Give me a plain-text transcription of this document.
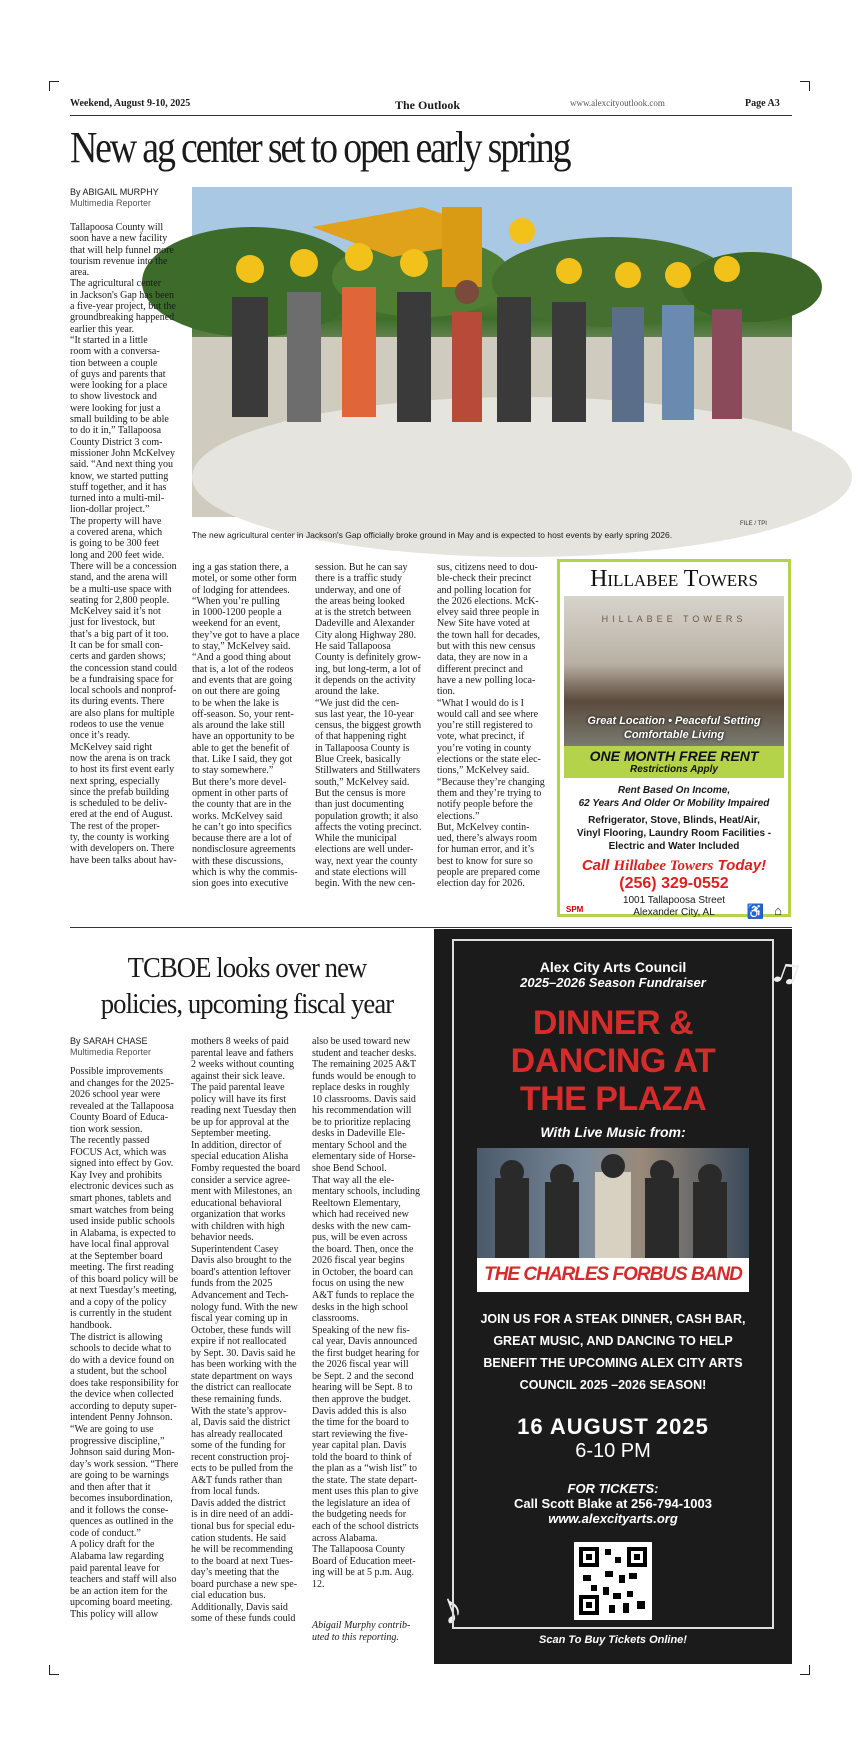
Weekend, August 9-10, 2025	The Outlook	www.alexcityoutlook.com	Page A3
New ag center set to open early spring
By ABIGAIL MURPHY
Multimedia Reporter
FILE / TPI
The new agricultural center in Jackson's Gap officially broke ground in May and is expected to host events by early spring 2026.
Tallapoosa County will
soon have a new facility
that will help funnel more
tourism revenue into the
area.
The agricultural center
in Jackson's Gap has been
a five-year project, but the
groundbreaking happened
earlier this year.
“It started in a little
room with a conversa-
tion between a couple
of guys and parents that
were looking for a place
to show livestock and
were looking for just a
small building to be able
to do it in,” Tallapoosa
County District 3 com-
missioner John McKelvey
said. “And next thing you
know, we started putting
stuff together, and it has
turned into a multi-mil-
lion-dollar project.”
The property will have
a covered arena, which
is going to be 300 feet
long and 200 feet wide.
There will be a concession
stand, and the arena will
be a multi-use space with
seating for 2,800 people.
McKelvey said it’s not
just for livestock, but
that’s a big part of it too.
It can be for small con-
certs and garden shows;
the concession stand could
be a fundraising space for
local schools and nonprof-
its during events. There
are also plans for multiple
rodeos to use the venue
once it’s ready.
McKelvey said right
now the arena is on track
to host its first event early
next spring, especially
since the prefab building
is scheduled to be deliv-
ered at the end of August.
The rest of the proper-
ty, the county is working
with developers on. There
have been talks about hav-
ing a gas station there, a
motel, or some other form
of lodging for attendees.
“When you’re pulling
in 1000-1200 people a
weekend for an event,
they’ve got to have a place
to stay,” McKelvey said.
“And a good thing about
that is, a lot of the rodeos
and events that are going
on out there are going
to be when the lake is
off-season. So, your rent-
als around the lake still
have an opportunity to be
able to get the benefit of
that. Like I said, they got
to stay somewhere.”
But there’s more devel-
opment in other parts of
the county that are in the
works. McKelvey said
he can’t go into specifics
because there are a lot of
nondisclosure agreements
with these discussions,
which is why the commis-
sion goes into executive
session. But he can say
there is a traffic study
underway, and one of
the areas being looked
at is the stretch between
Dadeville and Alexander
City along Highway 280.
He said Tallapoosa
County is definitely grow-
ing, but long-term, a lot of
it depends on the activity
around the lake.
“We just did the cen-
sus last year, the 10-year
census, the biggest growth
of that happening right
in Tallapoosa County is
Blue Creek, basically
Stillwaters and Stillwaters
south,” McKelvey said.
But the census is more
than just documenting
population growth; it also
affects the voting precinct.
While the municipal
elections are well under-
way, next year the county
and state elections will
begin. With the new cen-
sus, citizens need to dou-
ble-check their precinct
and polling location for
the 2026 elections. McK-
elvey said three people in
New Site have voted at
the town hall for decades,
but with this new census
data, they are now in a
different precinct and
have a new polling loca-
tion.
“What I would do is I
would call and see where
you’re still registered to
vote, what precinct, if
you’re voting in county
elections or the state elec-
tions,” McKelvey said.
“Because they’re changing
them and they’re trying to
notify people before the
elections.”
But, McKelvey contin-
ued, there’s always room
for human error, and it’s
best to know for sure so
people are prepared come
election day for 2026.
Hillabee Towers
HILLABEE TOWERS
Great Location • Peaceful Setting
Comfortable Living
ONE MONTH FREE RENT
Restrictions Apply
Rent Based On Income,
62 Years And Older Or Mobility Impaired
Refrigerator, Stove, Blinds, Heat/Air,
Vinyl Flooring, Laundry Room Facilities -
Electric and Water Included
Call Hillabee Towers Today!
(256) 329-0552
SPM
1001 Tallapoosa Street
Alexander City, AL	♿ ⌂
TCBOE looks over new policies, upcoming fiscal year
By SARAH CHASE
Multimedia Reporter
Possible improvements
and changes for the 2025-
2026 school year were
revealed at the Tallapoosa
County Board of Educa-
tion work session.
The recently passed
FOCUS Act, which was
signed into effect by Gov.
Kay Ivey and prohibits
electronic devices such as
smart phones, tablets and
smart watches from being
used inside public schools
in Alabama, is expected to
have local final approval
at the September board
meeting. The first reading
of this board policy will be
at next Tuesday’s meeting,
and a copy of the policy
is currently in the student
handbook.
The district is allowing
schools to decide what to
do with a device found on
a student, but the school
does take responsibility for
the device when collected
according to deputy super-
intendent Penny Johnson.
“We are going to use
progressive discipline,”
Johnson said during Mon-
day’s work session. “There
are going to be warnings
and then after that it
becomes insubordination,
and it follows the conse-
quences as outlined in the
code of conduct.”
A policy draft for the
Alabama law regarding
paid parental leave for
teachers and staff will also
be an action item for the
upcoming board meeting.
This policy will allow
mothers 8 weeks of paid
parental leave and fathers
2 weeks without counting
against their sick leave.
The paid parental leave
policy will have its first
reading next Tuesday then
be up for approval at the
September meeting.
In addition, director of
special education Alisha
Fomby requested the board
consider a service agree-
ment with Milestones, an
educational behavioral
organization that works
with children with high
behavior needs.
Superintendent Casey
Davis also brought to the
board's attention leftover
funds from the 2025
Advancement and Tech-
nology fund. With the new
fiscal year coming up in
October, these funds will
expire if not reallocated
by Sept. 30. Davis said he
has been working with the
state department on ways
the district can reallocate
these remaining funds.
With the state’s approv-
al, Davis said the district
has already reallocated
some of the funding for
recent construction proj-
ects to be pulled from the
A&T funds rather than
from local funds.
Davis added the district
is in dire need of an addi-
tional bus for special edu-
cation students. He said
he will be recommending
to the board at next Tues-
day’s meeting that the
board purchase a new spe-
cial education bus.
Additionally, Davis said
some of these funds could
also be used toward new
student and teacher desks.
The remaining 2025 A&T
funds would be enough to
replace desks in roughly
10 classrooms. Davis said
his recommendation will
be to prioritize replacing
desks in Dadeville Ele-
mentary School and the
elementary side of Horse-
shoe Bend School.
That way all the ele-
mentary schools, including
Reeltown Elementary,
which had received new
desks with the new cam-
pus, will be even across
the board. Then, once the
2026 fiscal year begins
in October, the board can
focus on using the new
A&T funds to replace the
desks in the high school
classrooms.
Speaking of the new fis-
cal year, Davis announced
the first budget hearing for
the 2026 fiscal year will
be Sept. 2 and the second
hearing will be Sept. 8 to
then approve the budget.
Davis added this is also
the time for the board to
start reviewing the five-
year capital plan. Davis
told the board to think of
the plan as a “wish list” to
the state. The state depart-
ment uses this plan to give
the legislature an idea of
the budgeting needs for
each of the school districts
across Alabama.
The Tallapoosa County
Board of Education meet-
ing will be at 5 p.m. Aug.
12.
Abigail Murphy contrib-
uted to this reporting.
♫
♪
Alex City Arts Council
2025–2026 Season Fundraiser
DINNER &
DANCING AT
THE PLAZA
With Live Music from:
THE CHARLES FORBUS BAND
JOIN US FOR A STEAK DINNER, CASH BAR,
GREAT MUSIC, AND DANCING TO HELP
BENEFIT THE UPCOMING ALEX CITY ARTS
COUNCIL 2025 –2026 SEASON!
16 AUGUST 2025
6-10 PM
FOR TICKETS:
Call Scott Blake at 256-794-1003
www.alexcityarts.org
Scan To Buy Tickets Online!
